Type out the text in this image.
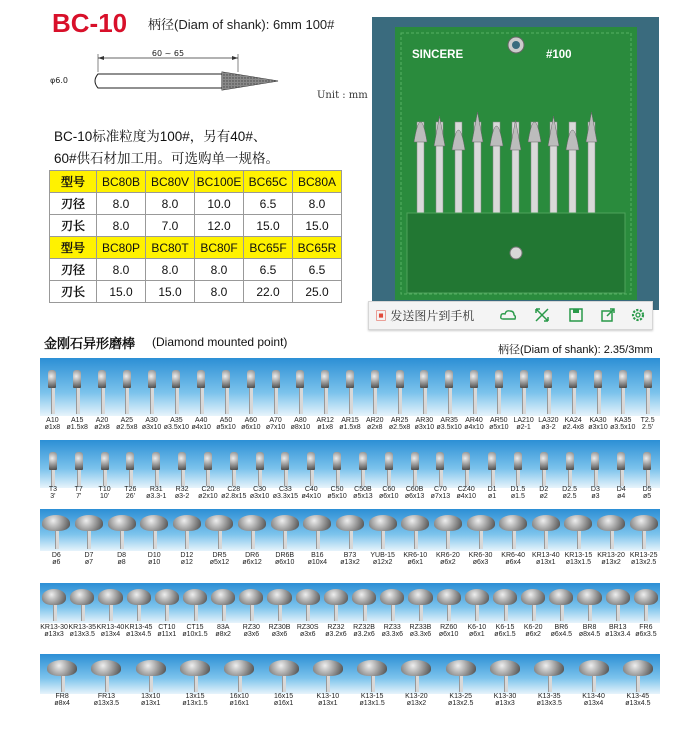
BC-10 柄径(Diam of shank): 6mm 100#
60 ~ 65
φ6.0
Unit : mm
BC-10标准粒度为100#，另有40#、
60#供石材加工用。可选购单一规格。
型号	BC80B	BC80V	BC100E	BC65C	BC80A
刃径	8.0	8.0	10.0	6.5	8.0
刃长	8.0	7.0	12.0	15.0	15.0
型号	BC80P	BC80T	BC80F	BC65F	BC65R
刃径	8.0	8.0	8.0	6.5	6.5
刃长	15.0	15.0	8.0	22.0	25.0
SINCERE	#100
▣ 发送图片到手机
金刚石异形磨棒 (Diamond mounted point)
柄径(Diam of shank): 2.35/3mm
A10
ø1x8
A15
ø1.5x8
A20
ø2x8
A25
ø2.5x8
A30
ø3x10
A35
ø3.5x10
A40
ø4x10
A50
ø5x10
A60
ø6x10
A70
ø7x10
A80
ø8x10
AR12
ø1x8
AR15
ø1.5x8
AR20
ø2x8
AR25
ø2.5x8
AR30
ø3x10
AR35
ø3.5x10
AR40
ø4x10
AR50
ø5x10
LA210
ø2-1
LA320
ø3-2
KA24
ø2.4x8
KA30
ø3x10
KA35
ø3.5x10
T2.5
2.5'
T3
3'
T7
7'
T10
10'
T26
26'
R31
ø3.3-1
R32
ø3-2
C20
ø2x10
C28
ø2.8x15
C30
ø3x10
C33
ø3.3x15
C40
ø4x10
C50
ø5x10
C50B
ø5x13
C60
ø6x10
C60B
ø6x13
C70
ø7x13
CZ40
ø4x10
D1
ø1
D1.5
ø1.5
D2
ø2
D2.5
ø2.5
D3
ø3
D4
ø4
D5
ø5
D6
ø6
D7
ø7
D8
ø8
D10
ø10
D12
ø12
DR5
ø5x12
DR6
ø6x12
DR6B
ø6x10
B16
ø10x4
B73
ø13x2
YUB-15
ø12x2
KR6-10
ø6x1
KR6-20
ø6x2
KR6-30
ø6x3
KR6-40
ø6x4
KR13-40
ø13x1
KR13-15
ø13x1.5
KR13-20
ø13x2
KR13-25
ø13x2.5
KR13-30
ø13x3
KR13-35
ø13x3.5
KR13-40
ø13x4
KR13-45
ø13x4.5
CT10
ø11x1
CT15
ø10x1.5
83A
ø8x2
RZ30
ø3x6
RZ30B
ø3x6
RZ30S
ø3x6
RZ32
ø3.2x6
RZ32B
ø3.2x6
RZ33
ø3.3x6
RZ33B
ø3.3x6
RZ60
ø6x10
K6-10
ø6x1
K6-15
ø6x1.5
K6-20
ø6x2
BR6
ø6x4.5
BR8
ø8x4.5
BR13
ø13x3.4
FR6
ø6x3.5
FR8
ø8x4
FR13
ø13x3.5
13x10
ø13x1
13x15
ø13x1.5
16x10
ø16x1
16x15
ø16x1
K13-10
ø13x1
K13-15
ø13x1.5
K13-20
ø13x2
K13-25
ø13x2.5
K13-30
ø13x3
K13-35
ø13x3.5
K13-40
ø13x4
K13-45
ø13x4.5
